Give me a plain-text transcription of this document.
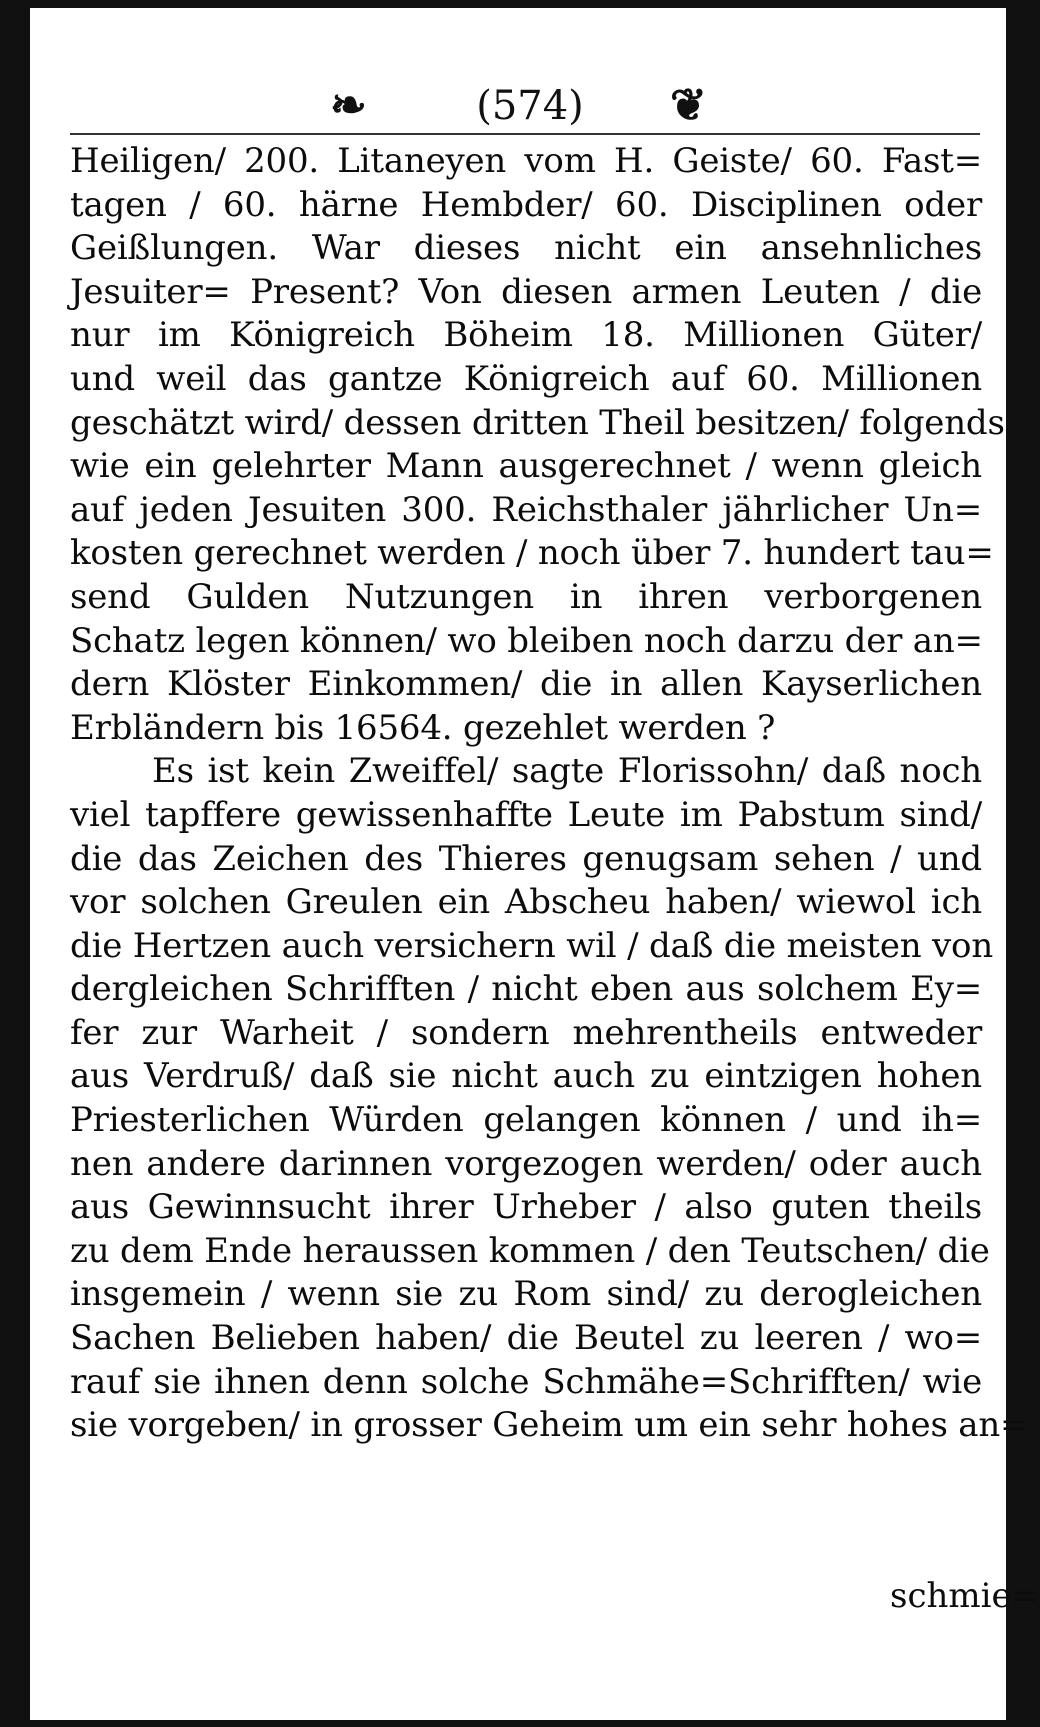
❧	(574)	❦
Heiligen/ 200. Litaneyen vom H. Geiste/ 60. Fast=
tagen / 60. härne Hembder/ 60. Disciplinen oder
Geißlungen. War dieses nicht ein ansehnliches
Jesuiter= Present? Von diesen armen Leuten / die
nur im Königreich Böheim 18. Millionen Güter/
und weil das gantze Königreich auf 60. Millionen
geschätzt wird/ dessen dritten Theil besitzen/ folgends
wie ein gelehrter Mann ausgerechnet / wenn gleich
auf jeden Jesuiten 300. Reichsthaler jährlicher Un=
kosten gerechnet werden / noch über 7. hundert tau=
send Gulden Nutzungen in ihren verborgenen
Schatz legen können/ wo bleiben noch darzu der an=
dern Klöster Einkommen/ die in allen Kayserlichen
Erbländern bis 16564. gezehlet werden ?
Es ist kein Zweiffel/ sagte Florissohn/ daß noch
viel tapffere gewissenhaffte Leute im Pabstum sind/
die das Zeichen des Thieres genugsam sehen / und
vor solchen Greulen ein Abscheu haben/ wiewol ich
die Hertzen auch versichern wil / daß die meisten von
dergleichen Schrifften / nicht eben aus solchem Ey=
fer zur Warheit / sondern mehrentheils entweder
aus Verdruß/ daß sie nicht auch zu eintzigen hohen
Priesterlichen Würden gelangen können / und ih=
nen andere darinnen vorgezogen werden/ oder auch
aus Gewinnsucht ihrer Urheber / also guten theils
zu dem Ende heraussen kommen / den Teutschen/ die
insgemein / wenn sie zu Rom sind/ zu derogleichen
Sachen Belieben haben/ die Beutel zu leeren / wo=
rauf sie ihnen denn solche Schmähe=Schrifften/ wie
sie vorgeben/ in grosser Geheim um ein sehr hohes an=
schmie=
